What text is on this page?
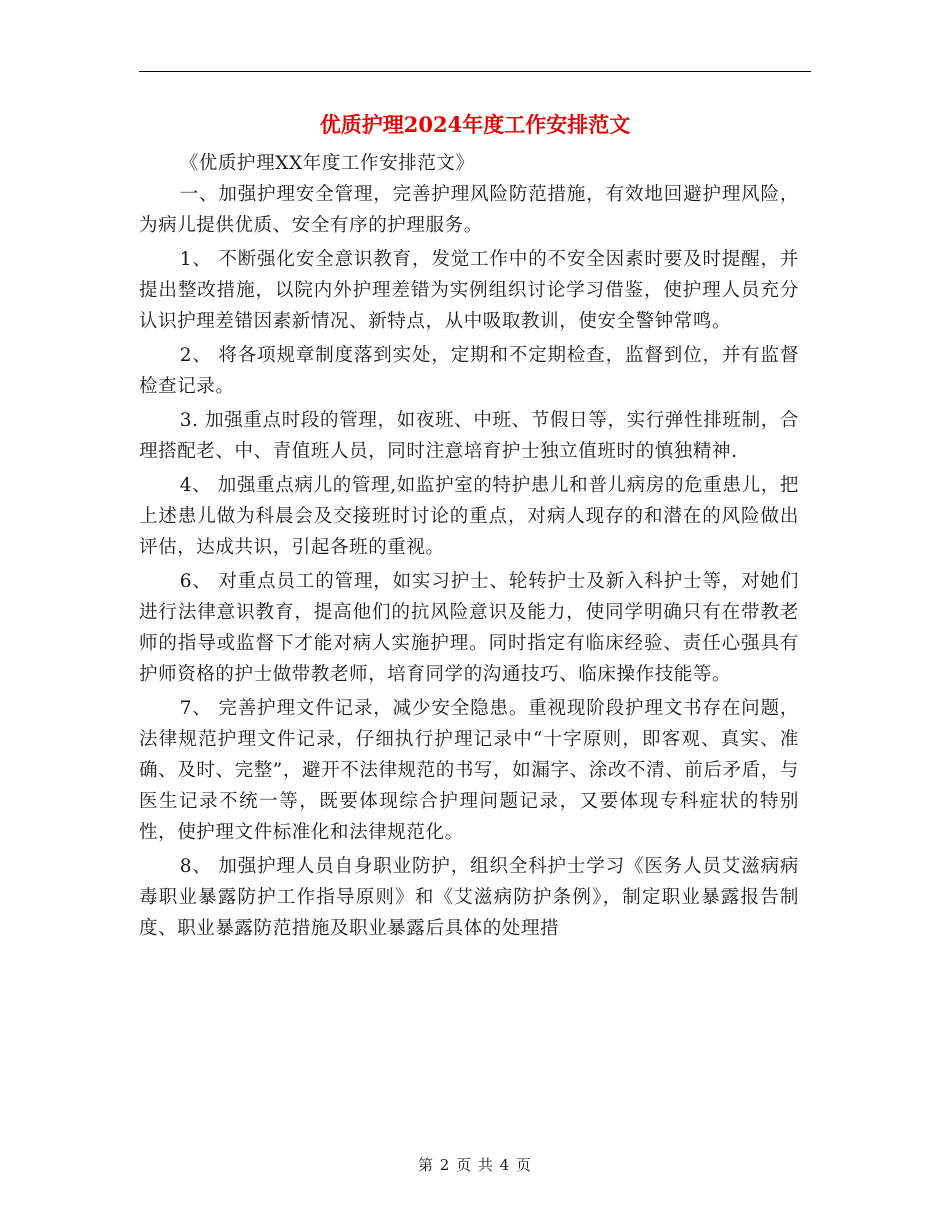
优质护理2024年度工作安排范文

《优质护理XX年度工作安排范文》

一、加强护理安全管理，完善护理风险防范措施，有效地回避护理风险，为病儿提供优质、安全有序的护理服务。

1、 不断强化安全意识教育，发觉工作中的不安全因素时要及时提醒，并提出整改措施，以院内外护理差错为实例组织讨论学习借鉴，使护理人员充分认识护理差错因素新情况、新特点，从中吸取教训，使安全警钟常鸣。

2、 将各项规章制度落到实处，定期和不定期检查，监督到位，并有监督检查记录。

3. 加强重点时段的管理，如夜班、中班、节假日等，实行弹性排班制，合理搭配老、中、青值班人员，同时注意培育护士独立值班时的慎独精神.

4、 加强重点病儿的管理,如监护室的特护患儿和普儿病房的危重患儿，把上述患儿做为科晨会及交接班时讨论的重点，对病人现存的和潜在的风险做出评估，达成共识，引起各班的重视。

6、 对重点员工的管理，如实习护士、轮转护士及新入科护士等，对她们进行法律意识教育，提高他们的抗风险意识及能力，使同学明确只有在带教老师的指导或监督下才能对病人实施护理。同时指定有临床经验、责任心强具有护师资格的护士做带教老师，培育同学的沟通技巧、临床操作技能等。

7、 完善护理文件记录，减少安全隐患。重视现阶段护理文书存在问题，法律规范护理文件记录，仔细执行护理记录中“十字原则，即客观、真实、准确、及时、完整”，避开不法律规范的书写，如漏字、涂改不清、前后矛盾，与医生记录不统一等，既要体现综合护理问题记录，又要体现专科症状的特别性，使护理文件标准化和法律规范化。

8、 加强护理人员自身职业防护，组织全科护士学习《医务人员艾滋病病毒职业暴露防护工作指导原则》和《艾滋病防护条例》，制定职业暴露报告制度、职业暴露防范措施及职业暴露后具体的处理措

第 2 页 共 4 页
